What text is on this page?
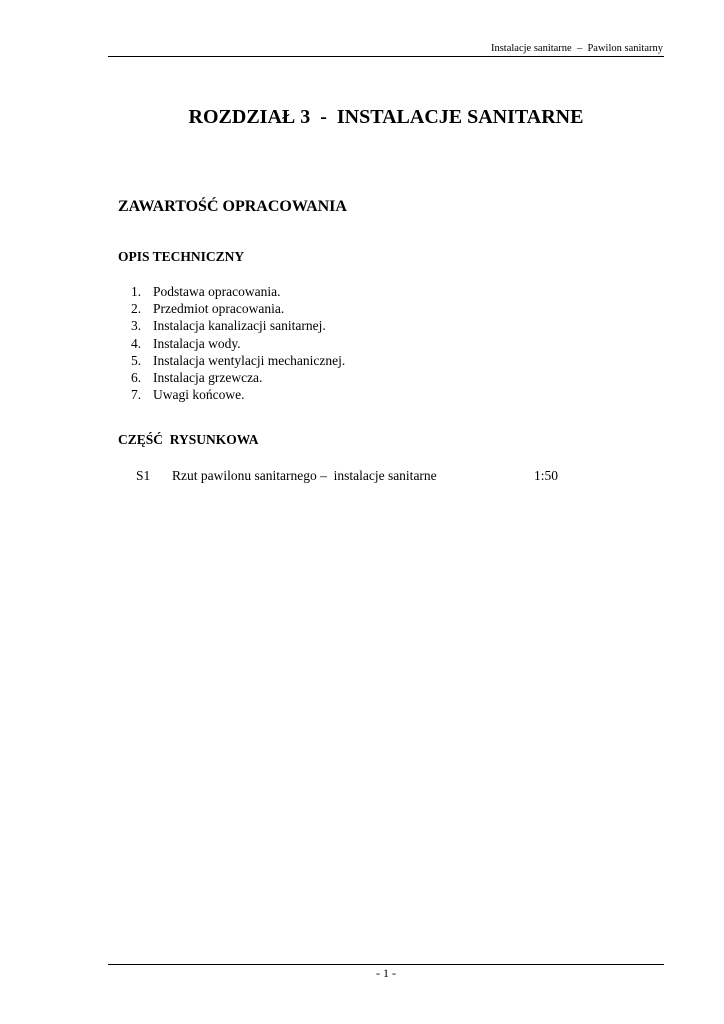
Instalacje sanitarne  –  Pawilon sanitarny
ROZDZIAŁ 3  -  INSTALACJE SANITARNE
ZAWARTOŚĆ OPRACOWANIA
OPIS TECHNICZNY
1. Podstawa opracowania.
2. Przedmiot opracowania.
3. Instalacja kanalizacji sanitarnej.
4. Instalacja wody.
5. Instalacja wentylacji mechanicznej.
6. Instalacja grzewcza.
7. Uwagi końcowe.
CZĘŚĆ  RYSUNKOWA

S1

Rzut pawilonu sanitarnego –  instalacje sanitarne

	1:50

- 1 -
